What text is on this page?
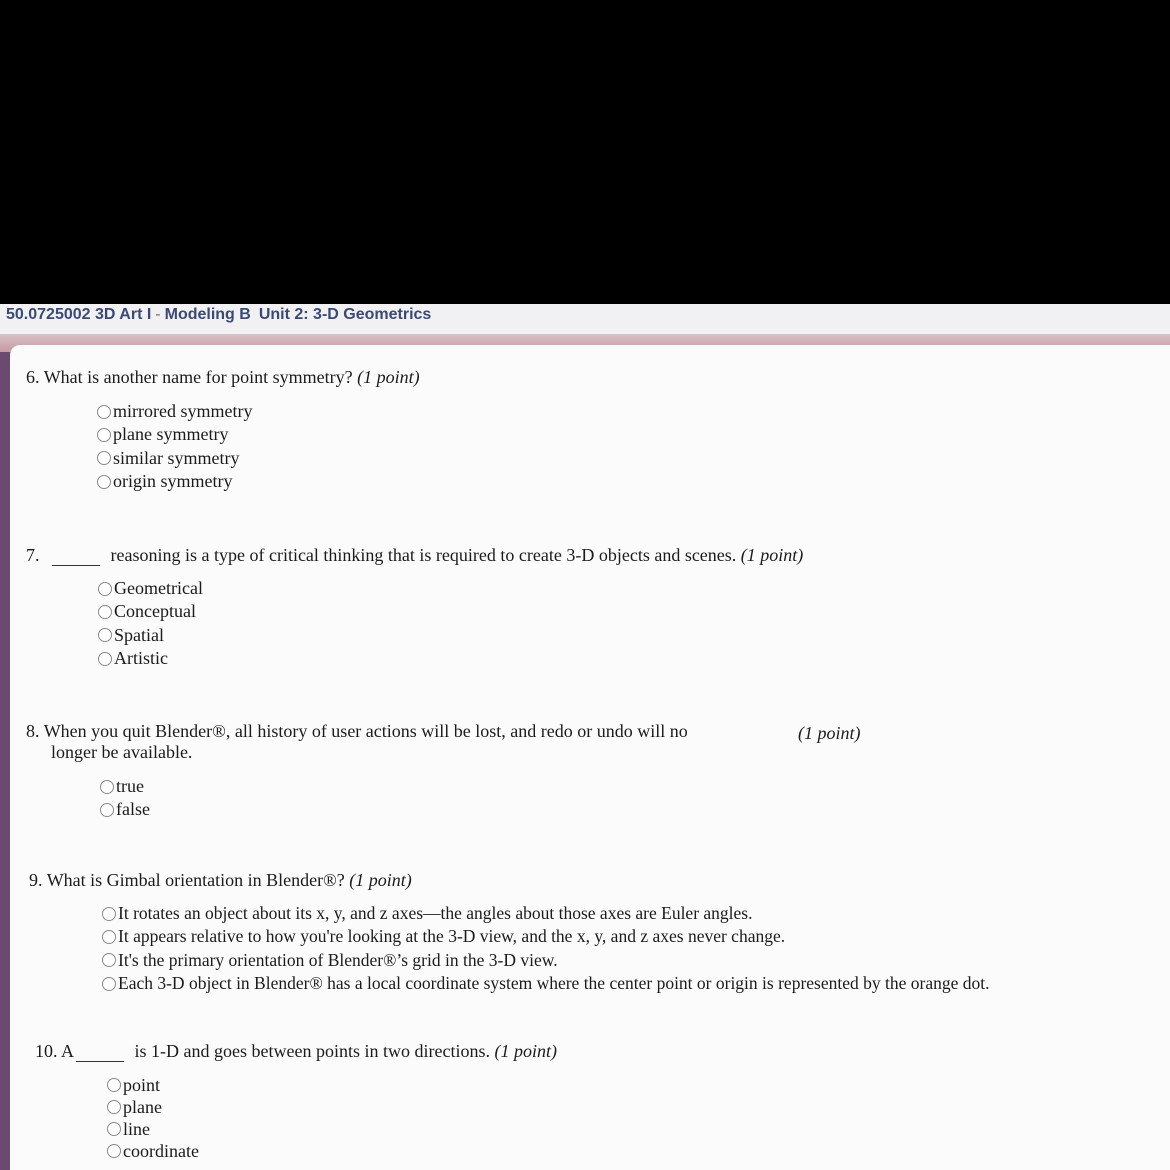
50.0725002 3D Art I - Modeling B Unit 2: 3-D Geometrics
6. What is another name for point symmetry? (1 point)
mirrored symmetry
plane symmetry
similar symmetry
origin symmetry
7.	reasoning is a type of critical thinking that is required to create 3-D objects and scenes. (1 point)
Geometrical
Conceptual
Spatial
Artistic
8. When you quit Blender®, all history of user actions will be lost, and redo or undo will no	(1 point)
longer be available.
true
false
9. What is Gimbal orientation in Blender®? (1 point)
It rotates an object about its x, y, and z axes—the angles about those axes are Euler angles.
It appears relative to how you're looking at the 3-D view, and the x, y, and z axes never change.
It's the primary orientation of Blender®’s grid in the 3-D view.
Each 3-D object in Blender® has a local coordinate system where the center point or origin is represented by the orange dot.
10. A	is 1-D and goes between points in two directions. (1 point)
point
plane
line
coordinate
